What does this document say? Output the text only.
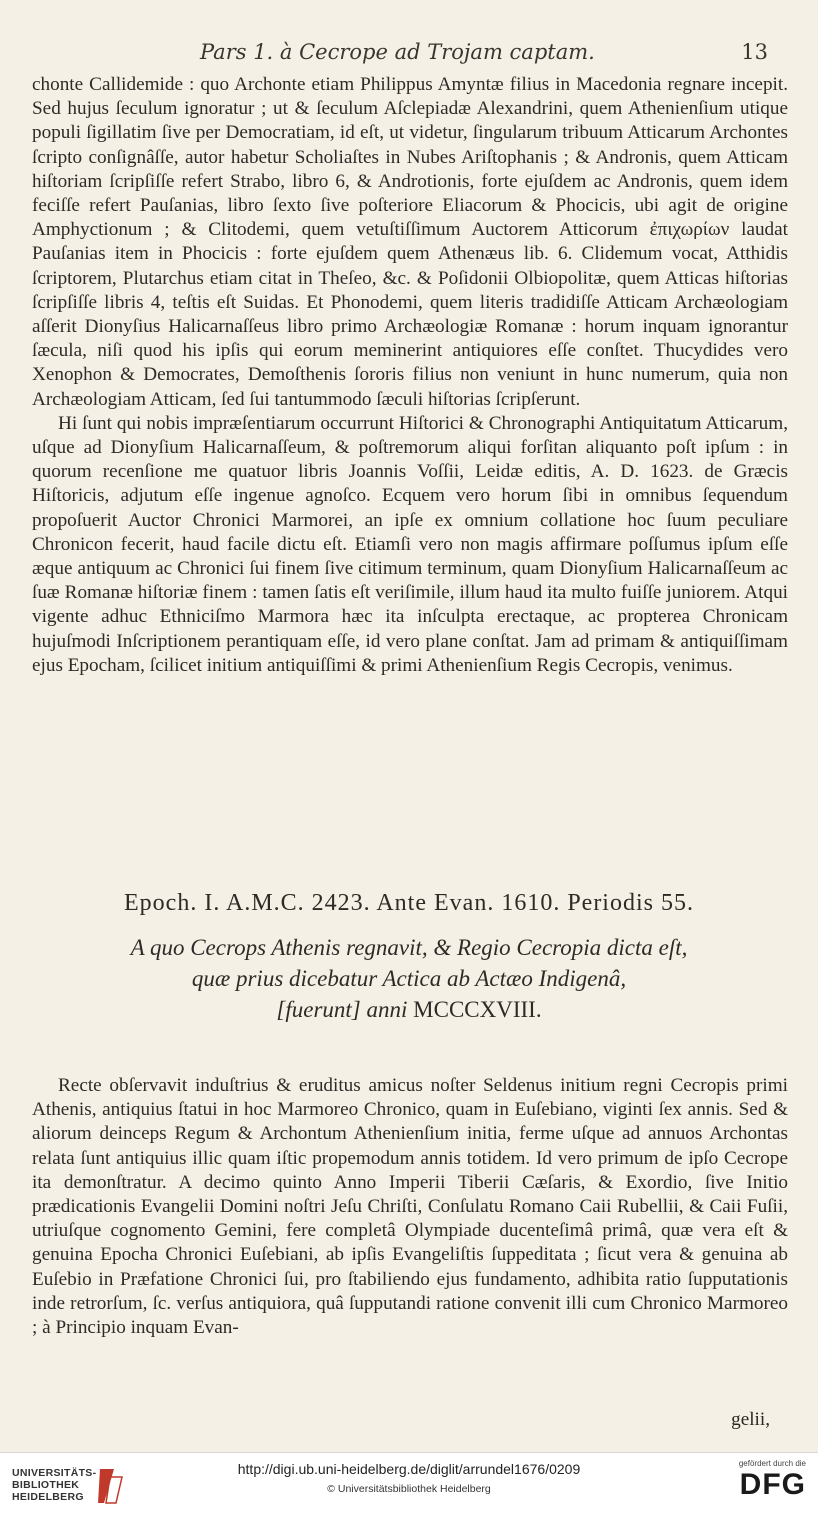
Pars 1. à Cecrope ad Trojam captam.	13

chonte Callidemide : quo Archonte etiam Philippus Amyntæ filius in Macedonia regnare incepit. Sed hujus ſeculum ignoratur ; ut & ſeculum Aſclepiadæ Alexandrini, quem Athenienſium utique populi ſigillatim ſive per Democratiam, id eſt, ut videtur, ſingularum tribuum Atticarum Archontes ſcripto conſignâſſe, autor habetur Scholiaſtes in Nubes Ariſtophanis ; & Andronis, quem Atticam hiſtoriam ſcripſiſſe refert Strabo, libro 6, & Androtionis, forte ejuſdem ac Andronis, quem idem feciſſe refert Pauſanias, libro ſexto ſive poſteriore Eliacorum & Phocicis, ubi agit de origine Amphyctionum ; & Clitodemi, quem vetuſtiſſimum Auctorem Atticorum ἐπιχωρίων laudat Pauſanias item in Phocicis : forte ejuſdem quem Athenæus lib. 6. Clidemum vocat, Atthidis ſcriptorem, Plutarchus etiam citat in Theſeo, &c. & Poſidonii Olbiopolitæ, quem Atticas hiſtorias ſcripſiſſe libris 4, teſtis eſt Suidas. Et Phonodemi, quem literis tradidiſſe Atticam Archæologiam aſſerit Dionyſius Halicarnaſſeus libro primo Archæologiæ Romanæ : horum inquam ignorantur ſæcula, niſi quod his ipſis qui eorum meminerint antiquiores eſſe conſtet. Thucydides vero Xenophon & Democrates, Demoſthenis ſororis filius non veniunt in hunc numerum, quia non Archæologiam Atticam, ſed ſui tantummodo ſæculi hiſtorias ſcripſerunt.

Hi ſunt qui nobis impræſentiarum occurrunt Hiſtorici & Chronographi Antiquitatum Atticarum, uſque ad Dionyſium Halicarnaſſeum, & poſtremorum aliqui forſitan aliquanto poſt ipſum : in quorum recenſione me quatuor libris Joannis Voſſii, Leidæ editis, A. D. 1623. de Græcis Hiſtoricis, adjutum eſſe ingenue agnoſco. Ecquem vero horum ſibi in omnibus ſequendum propoſuerit Auctor Chronici Marmorei, an ipſe ex omnium collatione hoc ſuum peculiare Chronicon fecerit, haud facile dictu eſt. Etiamſi vero non magis affirmare poſſumus ipſum eſſe æque antiquum ac Chronici ſui finem ſive citimum terminum, quam Dionyſium Halicarnaſſeum ac ſuæ Romanæ hiſtoriæ finem : tamen ſatis eſt veriſimile, illum haud ita multo fuiſſe juniorem. Atqui vigente adhuc Ethniciſmo Marmora hæc ita inſculpta erectaque, ac propterea Chronicam hujuſmodi Inſcriptionem perantiquam eſſe, id vero plane conſtat. Jam ad primam & antiquiſſimam ejus Epocham, ſcilicet initium antiquiſſimi & primi Athenienſium Regis Cecropis, venimus.

Epoch. I. A.M.C. 2423. Ante Evan. 1610. Periodis 55.
A quo Cecrops Athenis regnavit, & Regio Cecropia dicta eſt,
quæ prius dicebatur Actica ab Actæo Indigenâ,
[fuerunt] anni MCCCXVIII.

Recte obſervavit induſtrius & eruditus amicus noſter Seldenus initium regni Cecropis primi Athenis, antiquius ſtatui in hoc Marmoreo Chronico, quam in Euſebiano, viginti ſex annis. Sed & aliorum deinceps Regum & Archontum Athenienſium initia, ferme uſque ad annuos Archontas relata ſunt antiquius illic quam iſtic propemodum annis totidem. Id vero primum de ipſo Cecrope ita demonſtratur. A decimo quinto Anno Imperii Tiberii Cæſaris, & Exordio, ſive Initio prædicationis Evangelii Domini noſtri Jeſu Chriſti, Conſulatu Romano Caii Rubellii, & Caii Fuſii, utriuſque cognomento Gemini, fere completâ Olympiade ducenteſimâ primâ, quæ vera eſt & genuina Epocha Chronici Euſebiani, ab ipſis Evangeliſtis ſuppeditata ; ſicut vera & genuina ab Euſebio in Præfatione Chronici ſui, pro ſtabiliendo ejus fundamento, adhibita ratio ſupputationis inde retrorſum, ſc. verſus antiquiora, quâ ſupputandi ratione convenit illi cum Chronico Marmoreo ; à Principio inquam Evan-

gelii,
UNIVERSITÄTS-
BIBLIOTHEK
HEIDELBERG
http://digi.ub.uni-heidelberg.de/diglit/arrundel1676/0209
© Universitätsbibliothek Heidelberg
gefördert durch die
DFG
